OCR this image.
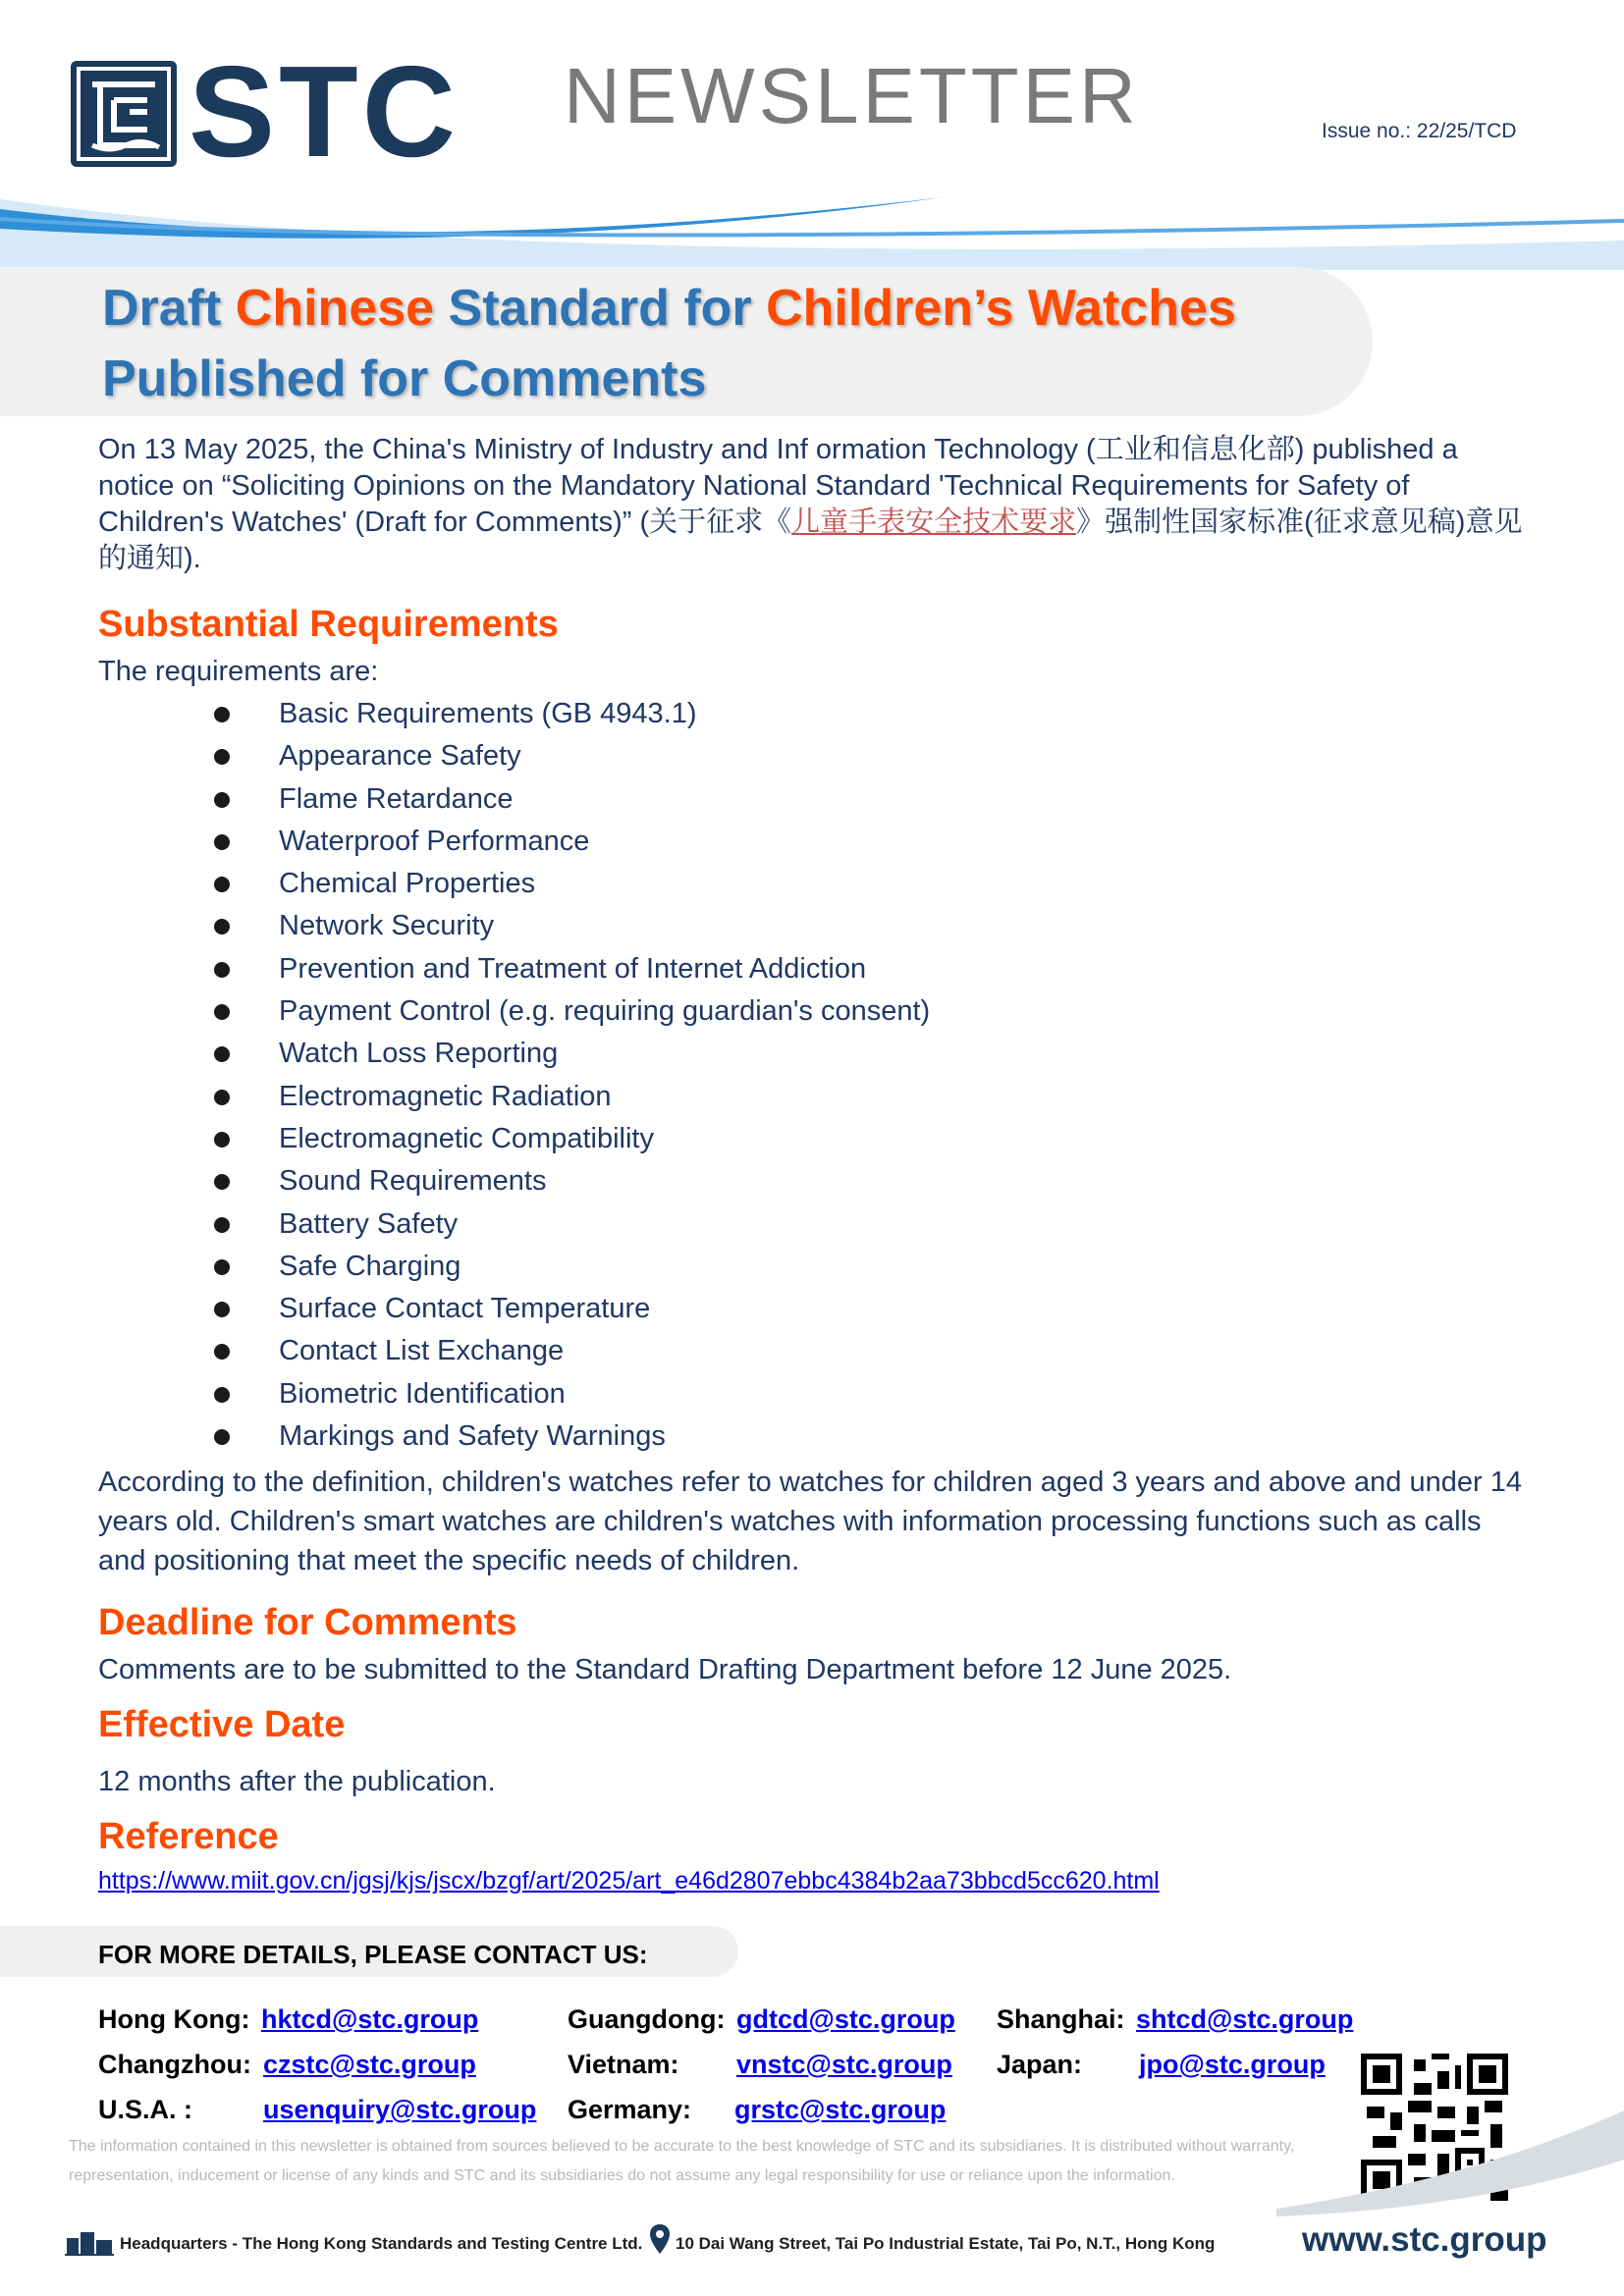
STC NEWSLETTER	Issue no.: 22/25/TCD
Draft Chinese Standard for Children’s Watches
Published for Comments
On 13 May 2025, the China's Ministry of Industry and Inf ormation Technology (工业和信息化部) published a notice on “Soliciting Opinions on the Mandatory National Standard 'Technical Requirements for Safety of Children's Watches' (Draft for Comments)” (关于征求《儿童手表安全技术要求》强制性国家标准(征求意见稿)意见的通知).
Substantial Requirements
The requirements are:
Basic Requirements (GB 4943.1)
Appearance Safety
Flame Retardance
Waterproof Performance
Chemical Properties
Network Security
Prevention and Treatment of Internet Addiction
Payment Control (e.g. requiring guardian's consent)
Watch Loss Reporting
Electromagnetic Radiation
Electromagnetic Compatibility
Sound Requirements
Battery Safety
Safe Charging
Surface Contact Temperature
Contact List Exchange
Biometric Identification
Markings and Safety Warnings
According to the definition, children's watches refer to watches for children aged 3 years and above and under 14 years old. Children's smart watches are children's watches with information processing functions such as calls and positioning that meet the specific needs of children.
Deadline for Comments
Comments are to be submitted to the Standard Drafting Department before 12 June 2025.
Effective Date
12 months after the publication.
Reference
https://www.miit.gov.cn/jgsj/kjs/jscx/bzgf/art/2025/art_e46d2807ebbc4384b2aa73bbcd5cc620.html
FOR MORE DETAILS, PLEASE CONTACT US:
Hong Kong: hktcd@stc.group	Guangdong: gdtcd@stc.group Shanghai: shtcd@stc.group
Changzhou: czstc@stc.group	Vietnam: vnstc@stc.group Japan: jpo@stc.group
U.S.A. :	usenquiry@stc.group Germany: grstc@stc.group
The information contained in this newsletter is obtained from sources believed to be accurate to the best knowledge of STC and its subsidiaries. It is distributed without warranty, representation, inducement or license of any kinds and STC and its subsidiaries do not assume any legal responsibility for use or reliance upon the information.
Headquarters - The Hong Kong Standards and Testing Centre Ltd. 10 Dai Wang Street, Tai Po Industrial Estate, Tai Po, N.T., Hong Kong	www.stc.group
